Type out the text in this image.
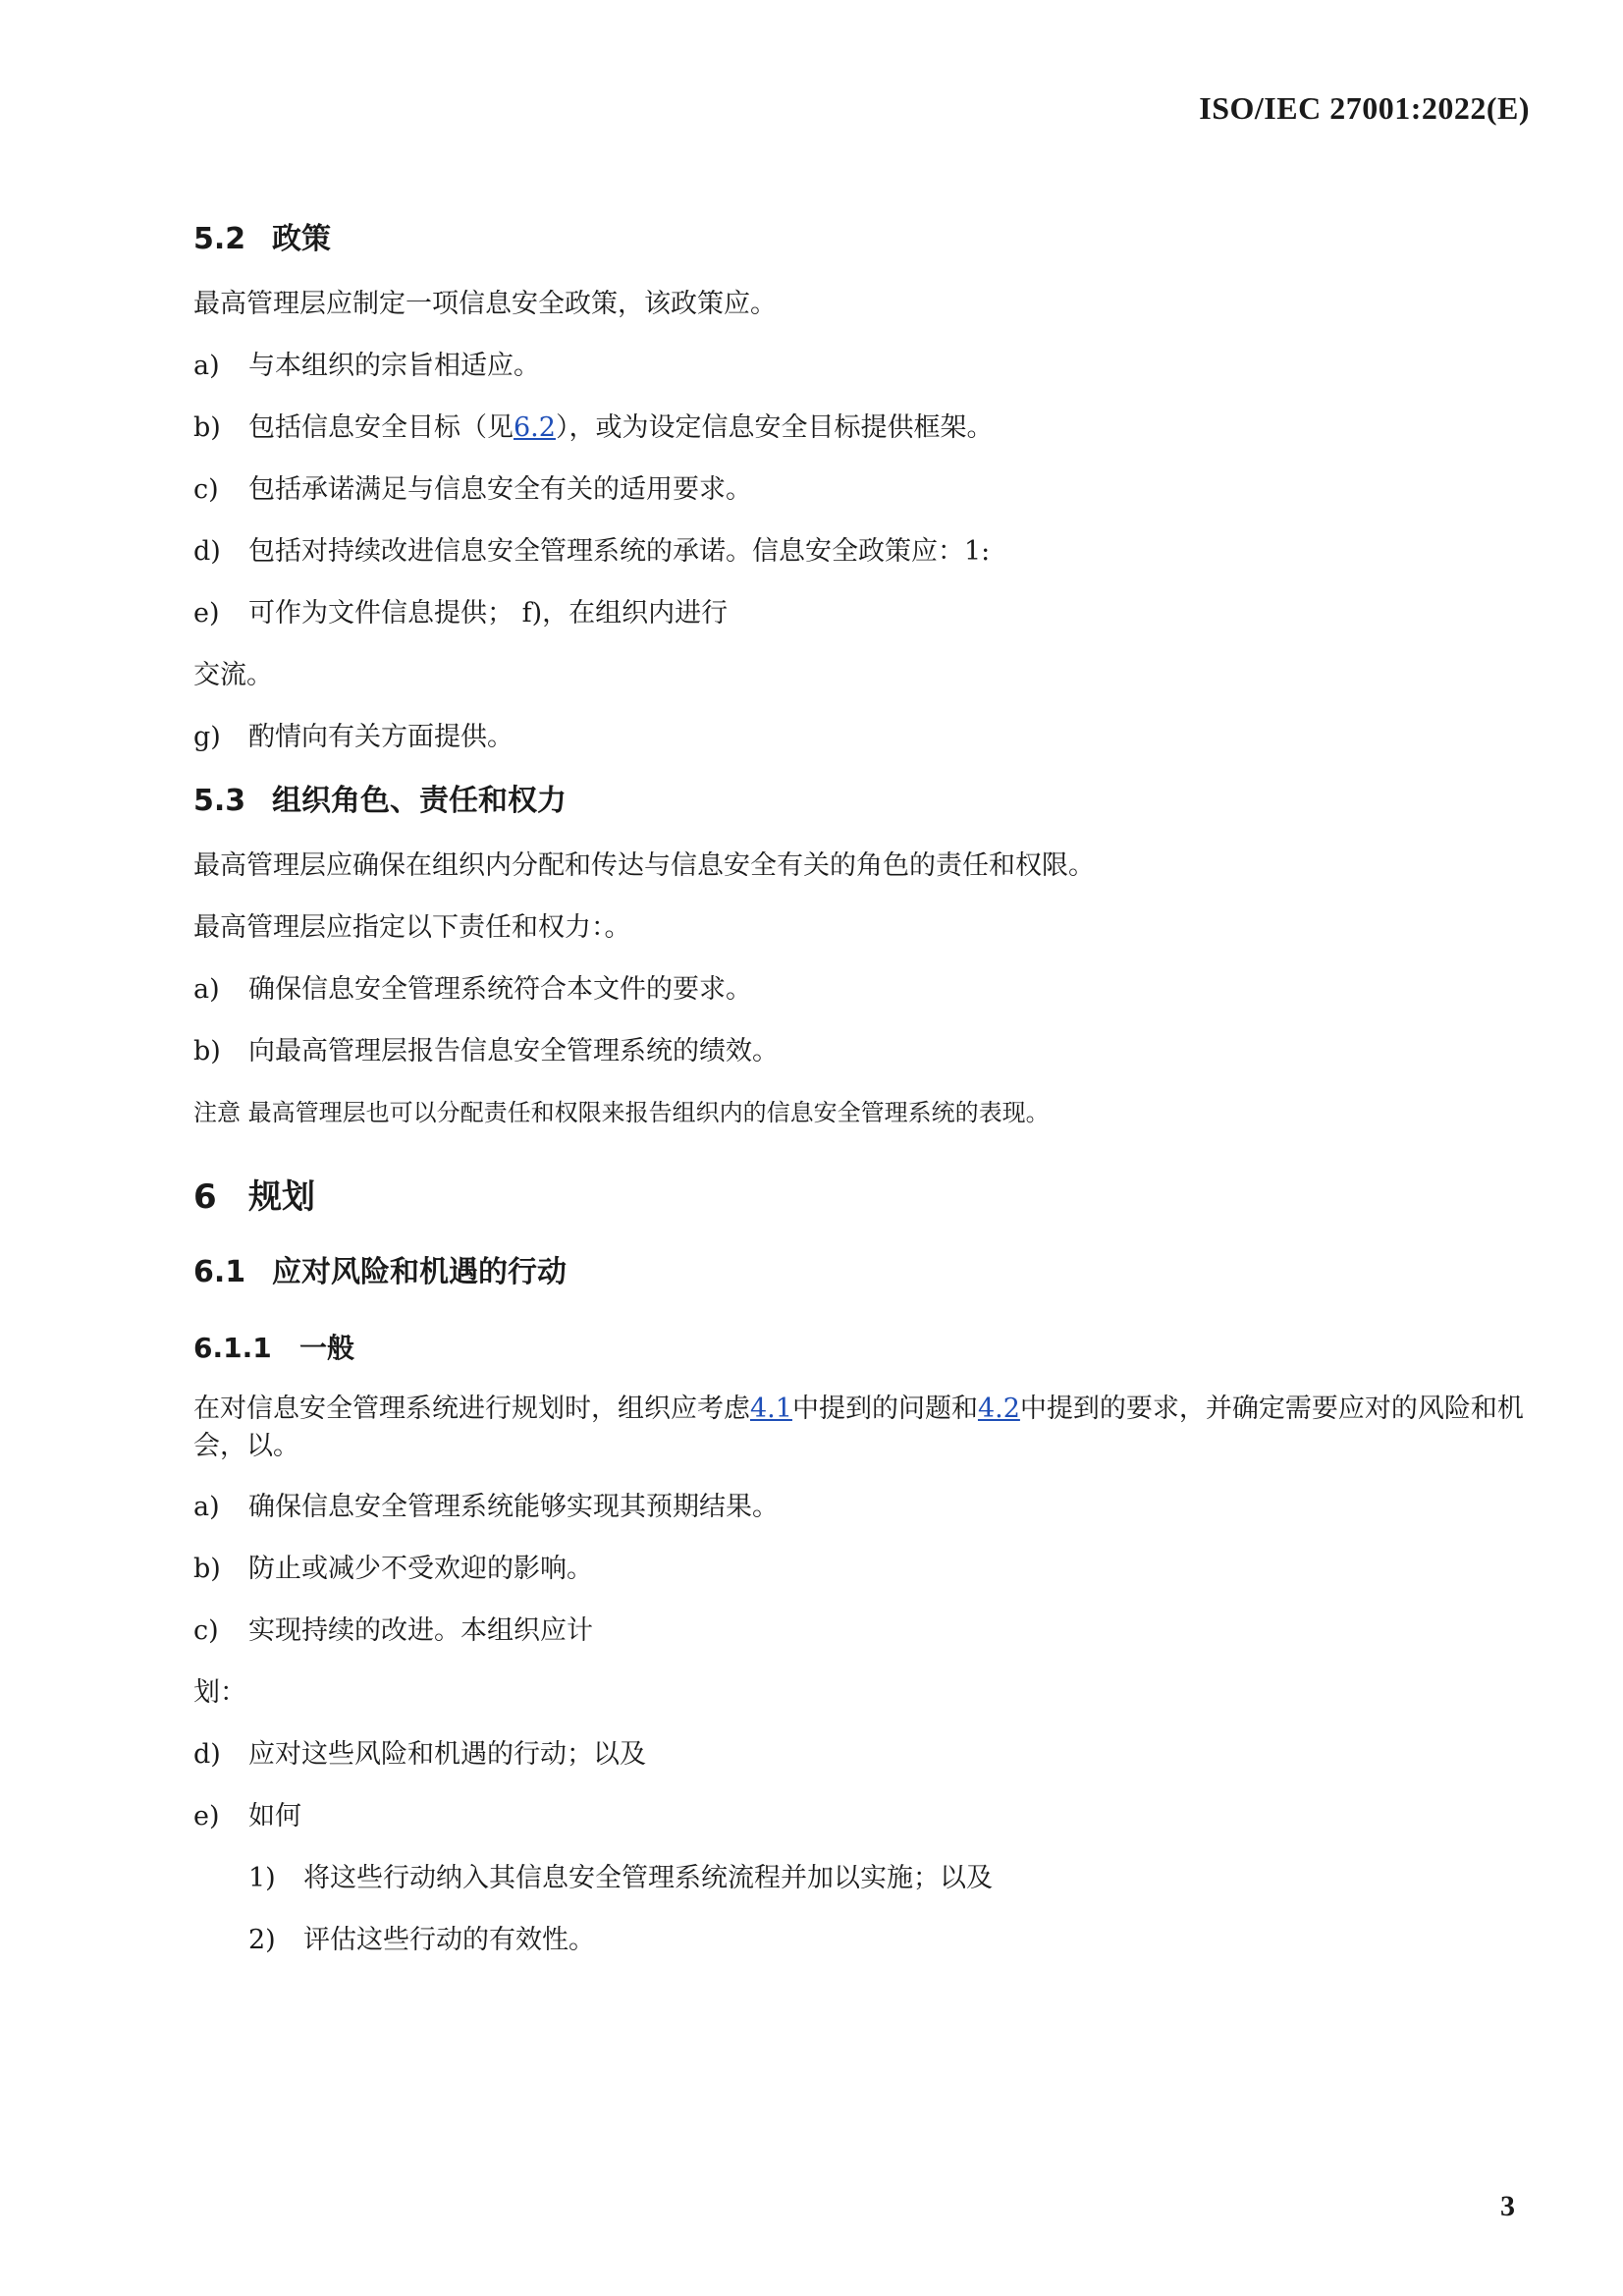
ISO/IEC 27001:2022(E)
5.2 政策
最高管理层应制定一项信息安全政策，该政策应。
a)	与本组织的宗旨相适应。
b)	包括信息安全目标（见6.2），或为设定信息安全目标提供框架。
c)	包括承诺满足与信息安全有关的适用要求。
d)	包括对持续改进信息安全管理系统的承诺。信息安全政策应：1:
e)	可作为文件信息提供； f)，在组织内进行
交流。
g)	酌情向有关方面提供。
5.3 组织角色、责任和权力
最高管理层应确保在组织内分配和传达与信息安全有关的角色的责任和权限。
最高管理层应指定以下责任和权力：。
a)	确保信息安全管理系统符合本文件的要求。
b)	向最高管理层报告信息安全管理系统的绩效。
注意 最高管理层也可以分配责任和权限来报告组织内的信息安全管理系统的表现。
6 规划
6.1 应对风险和机遇的行动
6.1.1 一般
在对信息安全管理系统进行规划时，组织应考虑4.1中提到的问题和4.2中提到的要求，并确定需要应对的风险和机会，以。
a)	确保信息安全管理系统能够实现其预期结果。
b)	防止或减少不受欢迎的影响。
c)	实现持续的改进。本组织应计
划：
d)	应对这些风险和机遇的行动；以及
e)	如何
1)	将这些行动纳入其信息安全管理系统流程并加以实施；以及
2)	评估这些行动的有效性。
3
